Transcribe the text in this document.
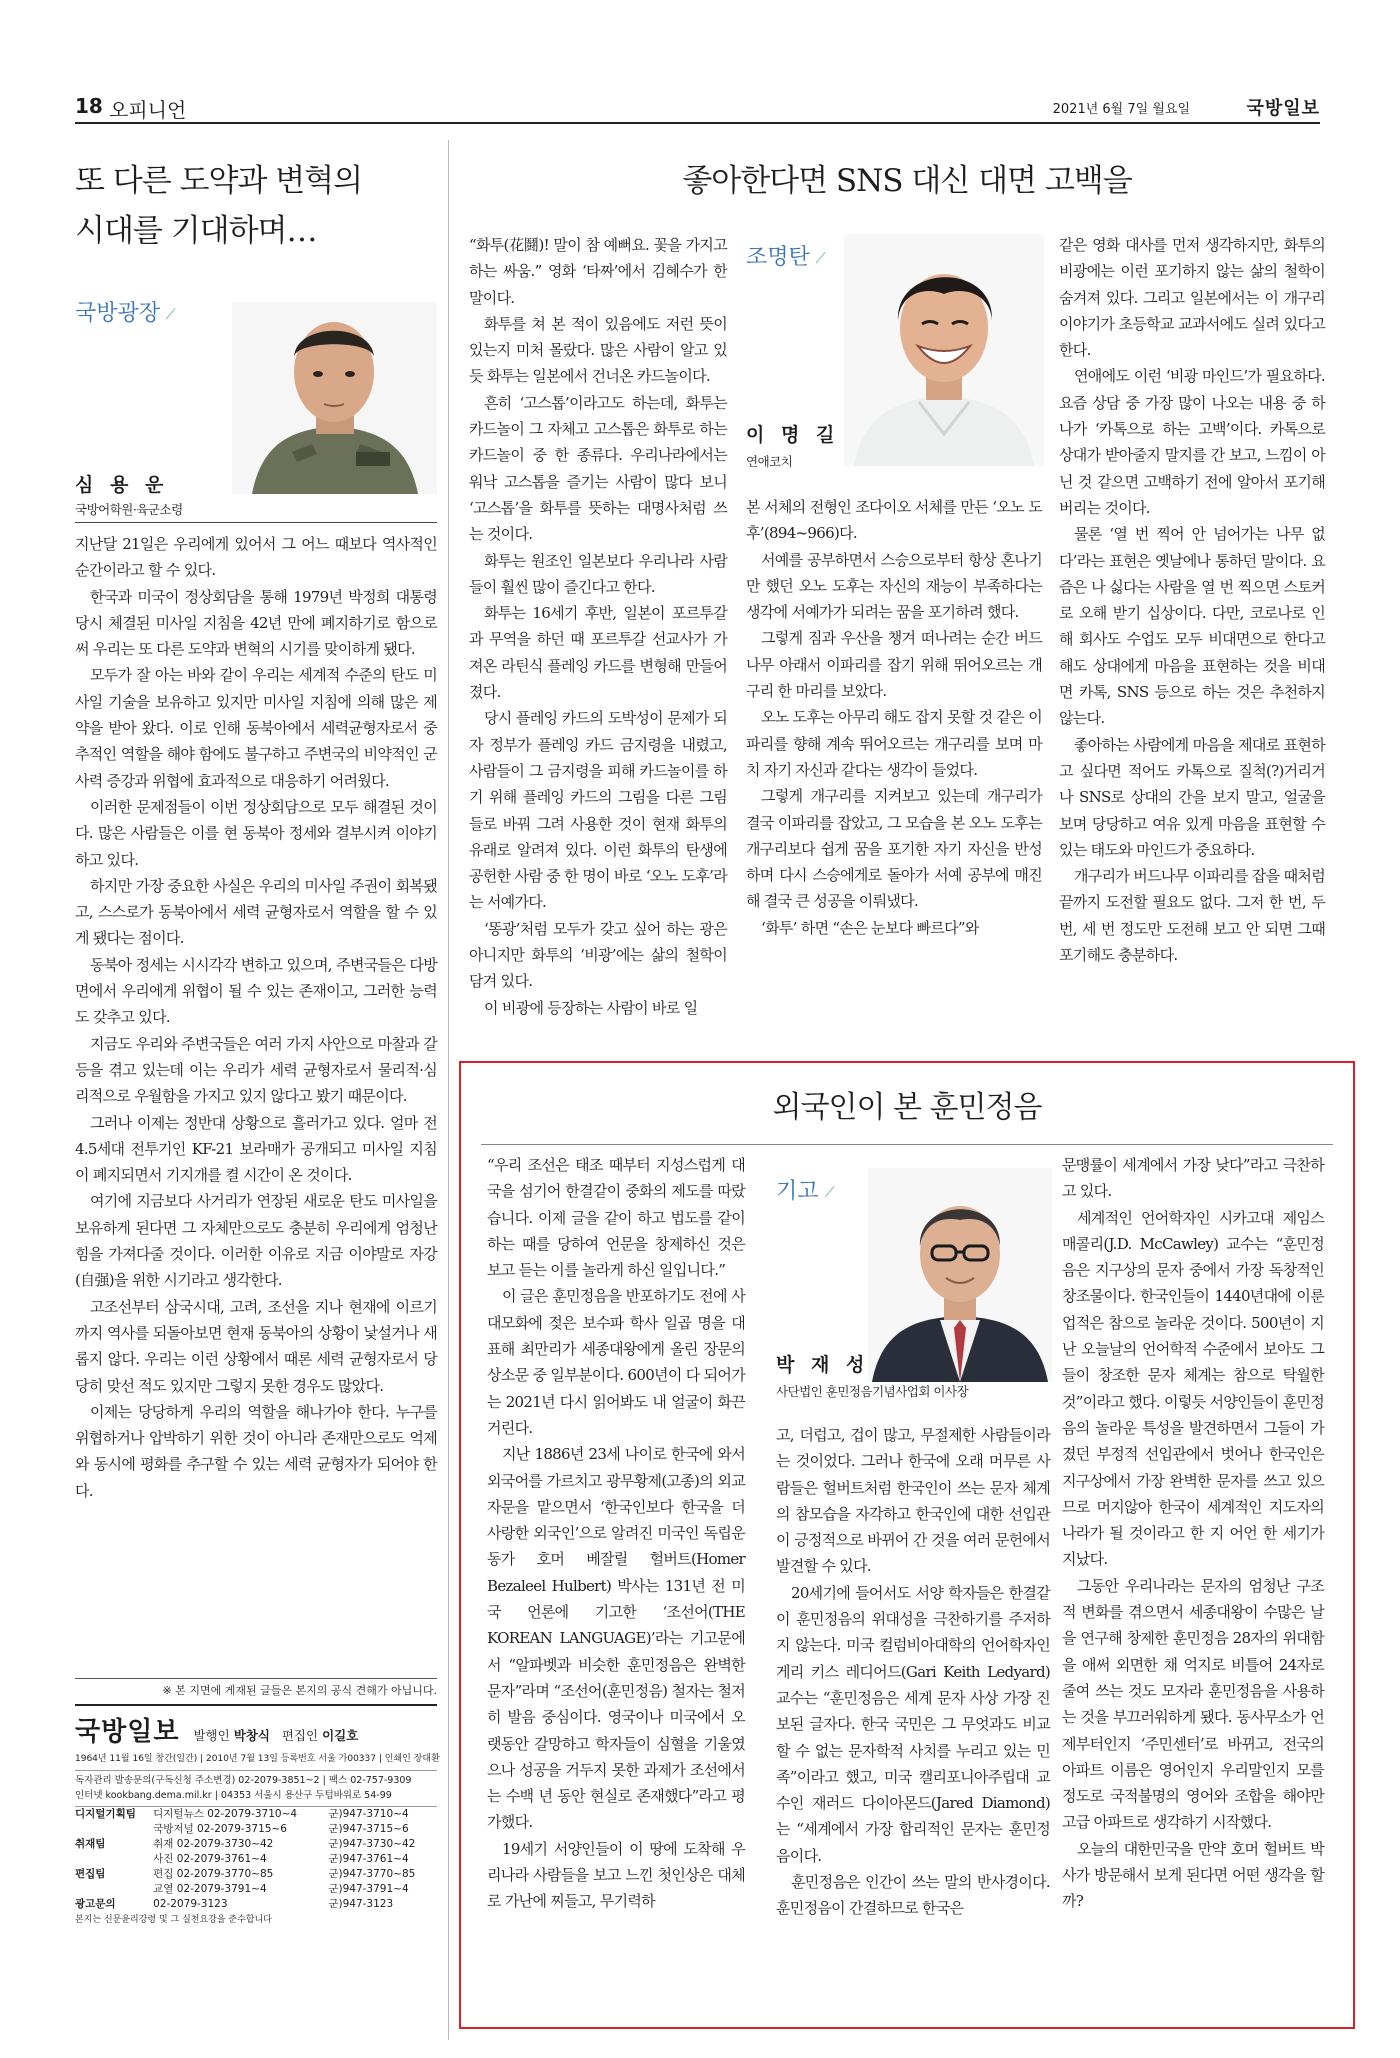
18 오피니언	2021년 6월 7일 월요일	국방일보
또 다른 도약과 변혁의
시대를 기대하며…
국방광장
심 용 운
국방어학원·육군소령

지난달 21일은 우리에게 있어서 그 어느 때보다 역사적인 순간이라고 할 수 있다.

한국과 미국이 정상회담을 통해 1979년 박정희 대통령 당시 체결된 미사일 지침을 42년 만에 폐지하기로 함으로써 우리는 또 다른 도약과 변혁의 시기를 맞이하게 됐다.

모두가 잘 아는 바와 같이 우리는 세계적 수준의 탄도 미사일 기술을 보유하고 있지만 미사일 지침에 의해 많은 제약을 받아 왔다. 이로 인해 동북아에서 세력균형자로서 중추적인 역할을 해야 함에도 불구하고 주변국의 비약적인 군사력 증강과 위협에 효과적으로 대응하기 어려웠다.

이러한 문제점들이 이번 정상회담으로 모두 해결된 것이다. 많은 사람들은 이를 현 동북아 정세와 결부시켜 이야기하고 있다.

하지만 가장 중요한 사실은 우리의 미사일 주권이 회복됐고, 스스로가 동북아에서 세력 균형자로서 역할을 할 수 있게 됐다는 점이다.

동북아 정세는 시시각각 변하고 있으며, 주변국들은 다방면에서 우리에게 위협이 될 수 있는 존재이고, 그러한 능력도 갖추고 있다.

지금도 우리와 주변국들은 여러 가지 사안으로 마찰과 갈등을 겪고 있는데 이는 우리가 세력 균형자로서 물리적·심리적으로 우월함을 가지고 있지 않다고 봤기 때문이다.

그러나 이제는 정반대 상황으로 흘러가고 있다. 얼마 전 4.5세대 전투기인 KF-21 보라매가 공개되고 미사일 지침이 폐지되면서 기지개를 켤 시간이 온 것이다.

여기에 지금보다 사거리가 연장된 새로운 탄도 미사일을 보유하게 된다면 그 자체만으로도 충분히 우리에게 엄청난 힘을 가져다줄 것이다. 이러한 이유로 지금 이야말로 자강(自强)을 위한 시기라고 생각한다.

고조선부터 삼국시대, 고려, 조선을 지나 현재에 이르기까지 역사를 되돌아보면 현재 동북아의 상황이 낯설거나 새롭지 않다. 우리는 이런 상황에서 때론 세력 균형자로서 당당히 맞선 적도 있지만 그렇지 못한 경우도 많았다.

이제는 당당하게 우리의 역할을 해나가야 한다. 누구를 위협하거나 압박하기 위한 것이 아니라 존재만으로도 억제와 동시에 평화를 추구할 수 있는 세력 균형자가 되어야 한다.

※ 본 지면에 게재된 글들은 본지의 공식 견해가 아닙니다.
국방일보 발행인 박창식 편집인 이길호
1964년 11월 16일 창간(일간) | 2010년 7월 13일 등록번호 서울 가00337 | 인쇄인 장대환
독자관리 발송문의(구독신청 주소변경) 02-2079-3851~2 | 팩스 02-757-9309
인터넷 kookbang.dema.mil.kr | 04353 서울시 용산구 두텁바위로 54-99
디지털기획팀	디지털뉴스 02-2079-3710~4	군)947-3710~4
	국방저널 02-2079-3715~6	군)947-3715~6
취재팀	취재 02-2079-3730~42	군)947-3730~42
	사진 02-2079-3761~4	군)947-3761~4
편집팀	편집 02-2079-3770~85	군)947-3770~85
	교열 02-2079-3791~4	군)947-3791~4
광고문의	02-2079-3123	군)947-3123
본지는 신문윤리강령 및 그 실천요강을 준수합니다
좋아한다면 SNS 대신 대면 고백을

“화투(花鬪)! 말이 참 예뻐요. 꽃을 가지고 하는 싸움.” 영화 ‘타짜’에서 김혜수가 한 말이다.

화투를 쳐 본 적이 있음에도 저런 뜻이 있는지 미처 몰랐다. 많은 사람이 알고 있듯 화투는 일본에서 건너온 카드놀이다.

흔히 ‘고스톱’이라고도 하는데, 화투는 카드놀이 그 자체고 고스톱은 화투로 하는 카드놀이 중 한 종류다. 우리나라에서는 워낙 고스톱을 즐기는 사람이 많다 보니 ‘고스톱’을 화투를 뜻하는 대명사처럼 쓰는 것이다.

화투는 원조인 일본보다 우리나라 사람들이 훨씬 많이 즐긴다고 한다.

화투는 16세기 후반, 일본이 포르투갈과 무역을 하던 때 포르투갈 선교사가 가져온 라틴식 플레잉 카드를 변형해 만들어졌다.

당시 플레잉 카드의 도박성이 문제가 되자 정부가 플레잉 카드 금지령을 내렸고, 사람들이 그 금지령을 피해 카드놀이를 하기 위해 플레잉 카드의 그림을 다른 그림들로 바꿔 그려 사용한 것이 현재 화투의 유래로 알려져 있다. 이런 화투의 탄생에 공헌한 사람 중 한 명이 바로 ‘오노 도후’라는 서예가다.

‘똥광’처럼 모두가 갖고 싶어 하는 광은 아니지만 화투의 ‘비광’에는 삶의 철학이 담겨 있다.

이 비광에 등장하는 사람이 바로 일

조명탄
이 명 길
연애코치

본 서체의 전형인 조다이오 서체를 만든 ‘오노 도후’(894~966)다.

서예를 공부하면서 스승으로부터 항상 혼나기만 했던 오노 도후는 자신의 재능이 부족하다는 생각에 서예가가 되려는 꿈을 포기하려 했다.

그렇게 짐과 우산을 챙겨 떠나려는 순간 버드나무 아래서 이파리를 잡기 위해 뛰어오르는 개구리 한 마리를 보았다.

오노 도후는 아무리 해도 잡지 못할 것 같은 이파리를 향해 계속 뛰어오르는 개구리를 보며 마치 자기 자신과 같다는 생각이 들었다.

그렇게 개구리를 지켜보고 있는데 개구리가 결국 이파리를 잡았고, 그 모습을 본 오노 도후는 개구리보다 쉽게 꿈을 포기한 자기 자신을 반성하며 다시 스승에게로 돌아가 서예 공부에 매진해 결국 큰 성공을 이뤄냈다.

‘화투’ 하면 “손은 눈보다 빠르다”와

같은 영화 대사를 먼저 생각하지만, 화투의 비광에는 이런 포기하지 않는 삶의 철학이 숨겨져 있다. 그리고 일본에서는 이 개구리 이야기가 초등학교 교과서에도 실려 있다고 한다.

연애에도 이런 ‘비광 마인드’가 필요하다. 요즘 상담 중 가장 많이 나오는 내용 중 하나가 ‘카톡으로 하는 고백’이다. 카톡으로 상대가 받아줄지 말지를 간 보고, 느낌이 아닌 것 같으면 고백하기 전에 알아서 포기해 버리는 것이다.

물론 ‘열 번 찍어 안 넘어가는 나무 없다’라는 표현은 옛날에나 통하던 말이다. 요즘은 나 싫다는 사람을 열 번 찍으면 스토커로 오해 받기 십상이다. 다만, 코로나로 인해 회사도 수업도 모두 비대면으로 한다고 해도 상대에게 마음을 표현하는 것을 비대면 카톡, SNS 등으로 하는 것은 추천하지 않는다.

좋아하는 사람에게 마음을 제대로 표현하고 싶다면 적어도 카톡으로 질척(?)거리거나 SNS로 상대의 간을 보지 말고, 얼굴을 보며 당당하고 여유 있게 마음을 표현할 수 있는 태도와 마인드가 중요하다.

개구리가 버드나무 이파리를 잡을 때처럼 끝까지 도전할 필요도 없다. 그저 한 번, 두 번, 세 번 정도만 도전해 보고 안 되면 그때 포기해도 충분하다.

외국인이 본 훈민정음

“우리 조선은 태조 때부터 지성스럽게 대국을 섬기어 한결같이 중화의 제도를 따랐습니다. 이제 글을 같이 하고 법도를 같이 하는 때를 당하여 언문을 창제하신 것은 보고 듣는 이를 놀라게 하신 일입니다.”

이 글은 훈민정음을 반포하기도 전에 사대모화에 젖은 보수파 학사 일곱 명을 대표해 최만리가 세종대왕에게 올린 장문의 상소문 중 일부분이다. 600년이 다 되어가는 2021년 다시 읽어봐도 내 얼굴이 화끈거린다.

지난 1886년 23세 나이로 한국에 와서 외국어를 가르치고 광무황제(고종)의 외교자문을 맡으면서 ‘한국인보다 한국을 더 사랑한 외국인’으로 알려진 미국인 독립운동가 호머 베잘릴 헐버트(Homer Bezaleel Hulbert) 박사는 131년 전 미국 언론에 기고한 ‘조선어(THE KOREAN LANGUAGE)’라는 기고문에서 “알파벳과 비슷한 훈민정음은 완벽한 문자”라며 “조선어(훈민정음) 철자는 철저히 발음 중심이다. 영국이나 미국에서 오랫동안 갈망하고 학자들이 심혈을 기울였으나 성공을 거두지 못한 과제가 조선에서는 수백 년 동안 현실로 존재했다”라고 평가했다.

19세기 서양인들이 이 땅에 도착해 우리나라 사람들을 보고 느낀 첫인상은 대체로 가난에 찌들고, 무기력하

기고
박 재 성
사단법인 훈민정음기념사업회 이사장

고, 더럽고, 겁이 많고, 무절제한 사람들이라는 것이었다. 그러나 한국에 오래 머무른 사람들은 헐버트처럼 한국인이 쓰는 문자 체계의 참모습을 자각하고 한국인에 대한 선입관이 긍정적으로 바뀌어 간 것을 여러 문헌에서 발견할 수 있다.

20세기에 들어서도 서양 학자들은 한결같이 훈민정음의 위대성을 극찬하기를 주저하지 않는다. 미국 컬럼비아대학의 언어학자인 게리 키스 레디어드(Gari Keith Ledyard) 교수는 “훈민정음은 세계 문자 사상 가장 진보된 글자다. 한국 국민은 그 무엇과도 비교할 수 없는 문자학적 사치를 누리고 있는 민족”이라고 했고, 미국 캘리포니아주립대 교수인 재러드 다이아몬드(Jared Diamond)는 “세계에서 가장 합리적인 문자는 훈민정음이다.

훈민정음은 인간이 쓰는 말의 반사경이다. 훈민정음이 간결하므로 한국은

문맹률이 세계에서 가장 낮다”라고 극찬하고 있다.

세계적인 언어학자인 시카고대 제임스 매콜리(J.D. McCawley) 교수는 “훈민정음은 지구상의 문자 중에서 가장 독창적인 창조물이다. 한국인들이 1440년대에 이룬 업적은 참으로 놀라운 것이다. 500년이 지난 오늘날의 언어학적 수준에서 보아도 그들이 창조한 문자 체계는 참으로 탁월한 것”이라고 했다. 이렇듯 서양인들이 훈민정음의 놀라운 특성을 발견하면서 그들이 가졌던 부정적 선입관에서 벗어나 한국인은 지구상에서 가장 완벽한 문자를 쓰고 있으므로 머지않아 한국이 세계적인 지도자의 나라가 될 것이라고 한 지 어언 한 세기가 지났다.

그동안 우리나라는 문자의 엄청난 구조적 변화를 겪으면서 세종대왕이 수많은 날을 연구해 창제한 훈민정음 28자의 위대함을 애써 외면한 채 억지로 비틀어 24자로 줄여 쓰는 것도 모자라 훈민정음을 사용하는 것을 부끄러워하게 됐다. 동사무소가 언제부터인지 ‘주민센터’로 바뀌고, 전국의 아파트 이름은 영어인지 우리말인지 모를 정도로 국적불명의 영어와 조합을 해야만 고급 아파트로 생각하기 시작했다.

오늘의 대한민국을 만약 호머 헐버트 박사가 방문해서 보게 된다면 어떤 생각을 할까?
